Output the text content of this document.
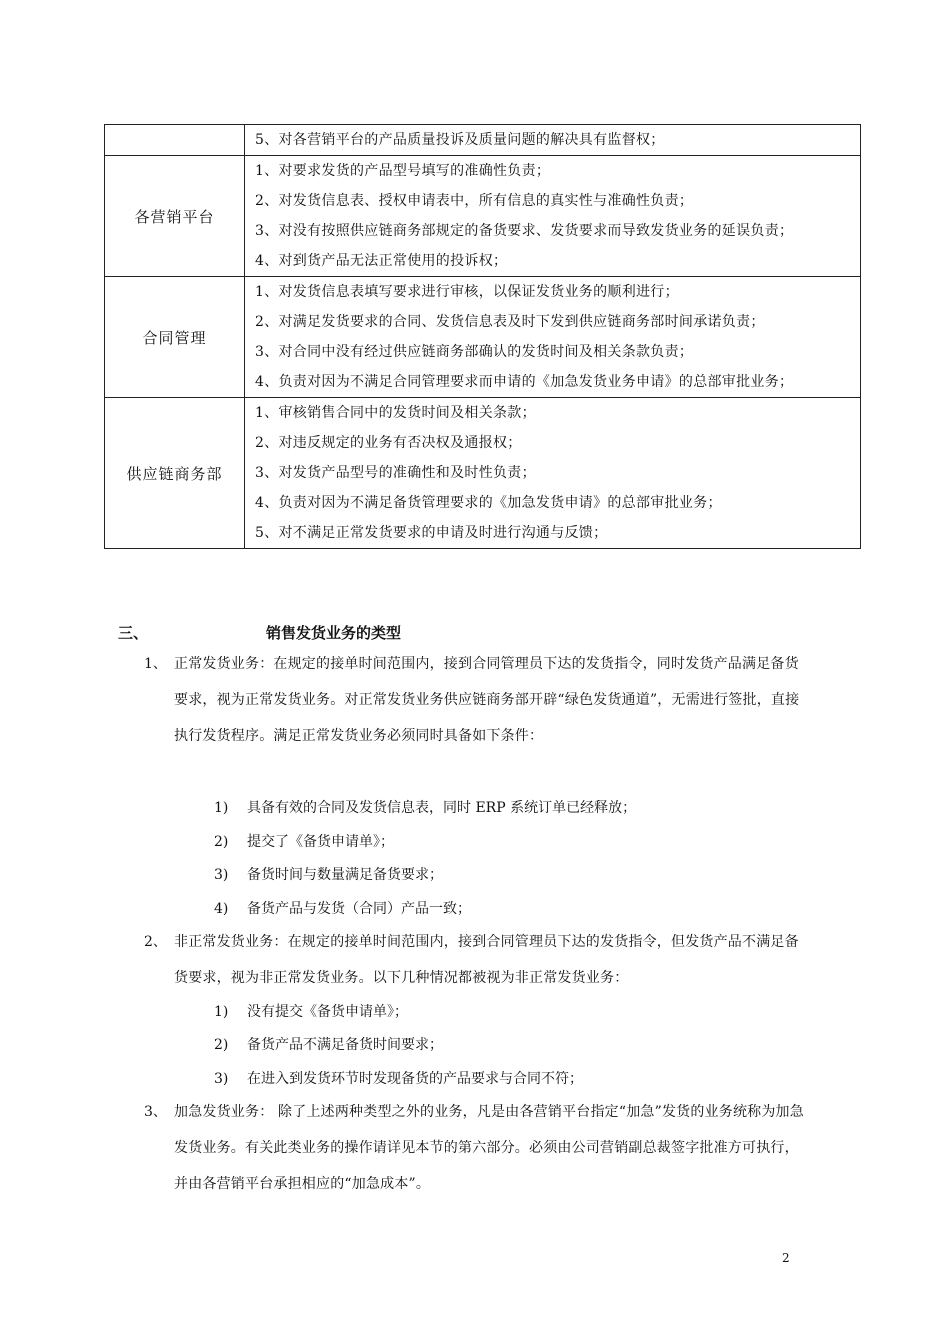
	5、对各营销平台的产品质量投诉及质量问题的解决具有监督权；

各营销平台	1、对要求发货的产品型号填写的准确性负责；
2、对发货信息表、授权申请表中，所有信息的真实性与准确性负责；
3、对没有按照供应链商务部规定的备货要求、发货要求而导致发货业务的延误负责；
4、对到货产品无法正常使用的投诉权；

合同管理	1、对发货信息表填写要求进行审核，以保证发货业务的顺利进行；
2、对满足发货要求的合同、发货信息表及时下发到供应链商务部时间承诺负责；
3、对合同中没有经过供应链商务部确认的发货时间及相关条款负责；
4、负责对因为不满足合同管理要求而申请的《加急发货业务申请》的总部审批业务；

供应链商务部	1、审核销售合同中的发货时间及相关条款；
2、对违反规定的业务有否决权及通报权；
3、对发货产品型号的准确性和及时性负责；
4、负责对因为不满足备货管理要求的《加急发货申请》的总部审批业务；
5、对不满足正常发货要求的申请及时进行沟通与反馈；
三、	销售发货业务的类型
1、 正常发货业务：在规定的接单时间范围内，接到合同管理员下达的发货指令，同时发货产品满足备货要求，视为正常发货业务。对正常发货业务供应链商务部开辟“绿色发货通道”，无需进行签批，直接执行发货程序。满足正常发货业务必须同时具备如下条件：
1) 具备有效的合同及发货信息表，同时 ERP 系统订单已经释放；
2) 提交了《备货申请单》；
3) 备货时间与数量满足备货要求；
4) 备货产品与发货（合同）产品一致；
2、 非正常发货业务：在规定的接单时间范围内，接到合同管理员下达的发货指令，但发货产品不满足备货要求，视为非正常发货业务。以下几种情况都被视为非正常发货业务：
1) 没有提交《备货申请单》；
2) 备货产品不满足备货时间要求；
3) 在进入到发货环节时发现备货的产品要求与合同不符；
3、 加急发货业务： 除了上述两种类型之外的业务，凡是由各营销平台指定“加急”发货的业务统称为加急发货业务。有关此类业务的操作请详见本节的第六部分。必须由公司营销副总裁签字批准方可执行，并由各营销平台承担相应的“加急成本”。
2
